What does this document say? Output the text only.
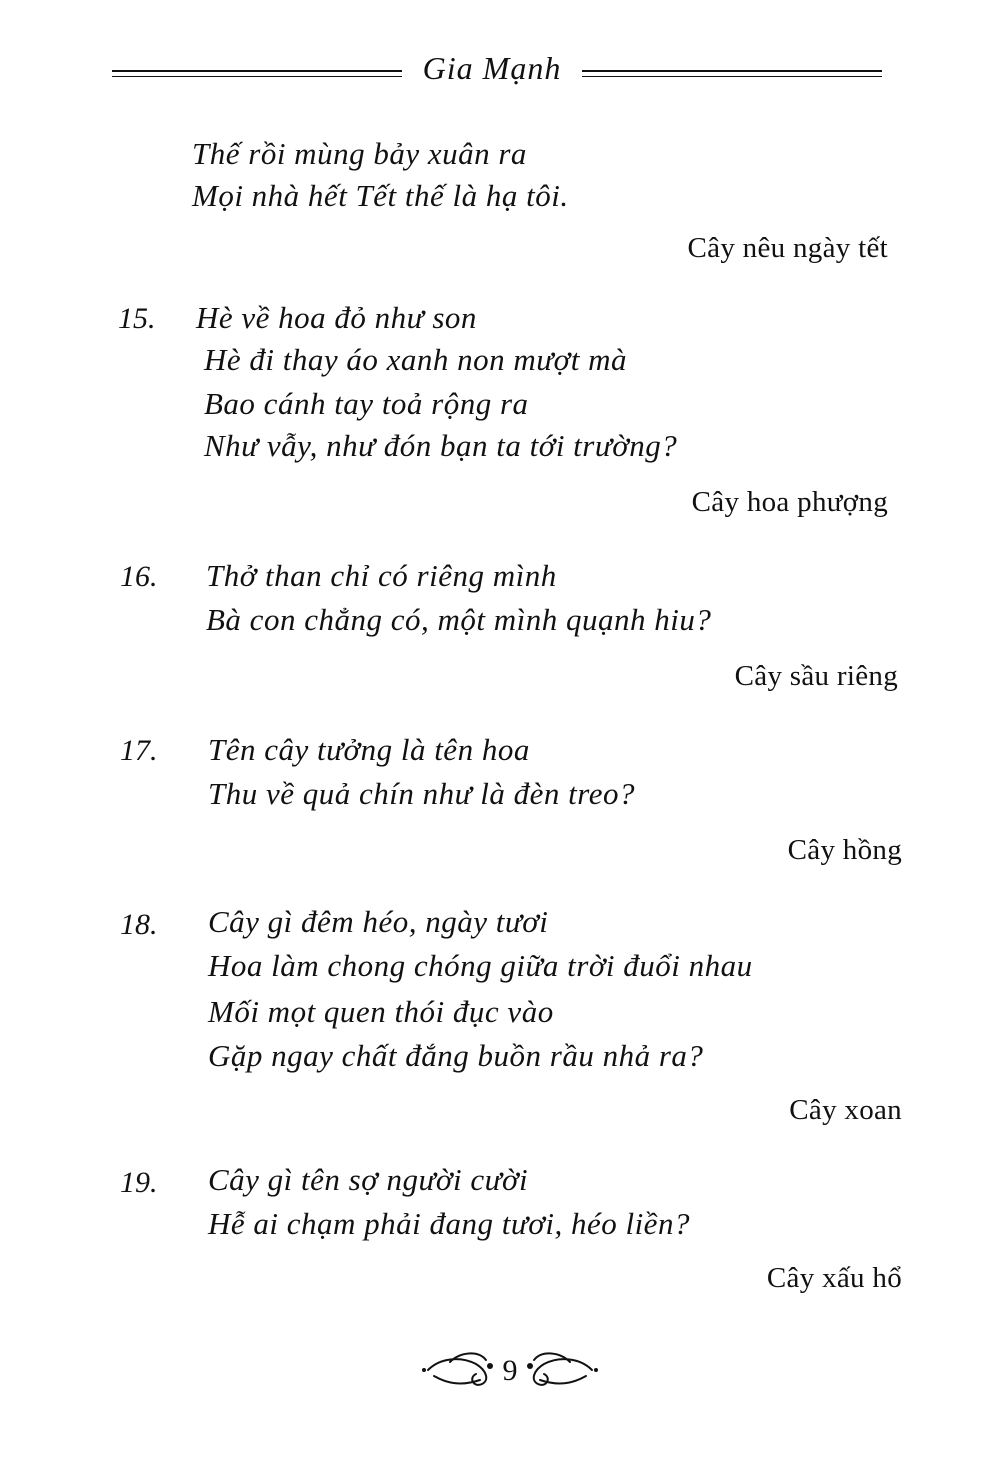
Gia Mạnh
Thế rồi mùng bảy xuân ra
Mọi nhà hết Tết thế là hạ tôi.
Cây nêu ngày tết
15. Hè về hoa đỏ như son
Hè đi thay áo xanh non mượt mà
Bao cánh tay toả rộng ra
Như vẫy, như đón bạn ta tới trường?
Cây hoa phượng
16. Thở than chỉ có riêng mình
Bà con chẳng có, một mình quạnh hiu?
Cây sầu riêng
17. Tên cây tưởng là tên hoa
Thu về quả chín như là đèn treo?
Cây hồng
18. Cây gì đêm héo, ngày tươi
Hoa làm chong chóng giữa trời đuổi nhau
Mối mọt quen thói đục vào
Gặp ngay chất đắng buồn rầu nhả ra?
Cây xoan
19. Cây gì tên sợ người cười
Hễ ai chạm phải đang tươi, héo liền?
Cây xấu hổ
9
